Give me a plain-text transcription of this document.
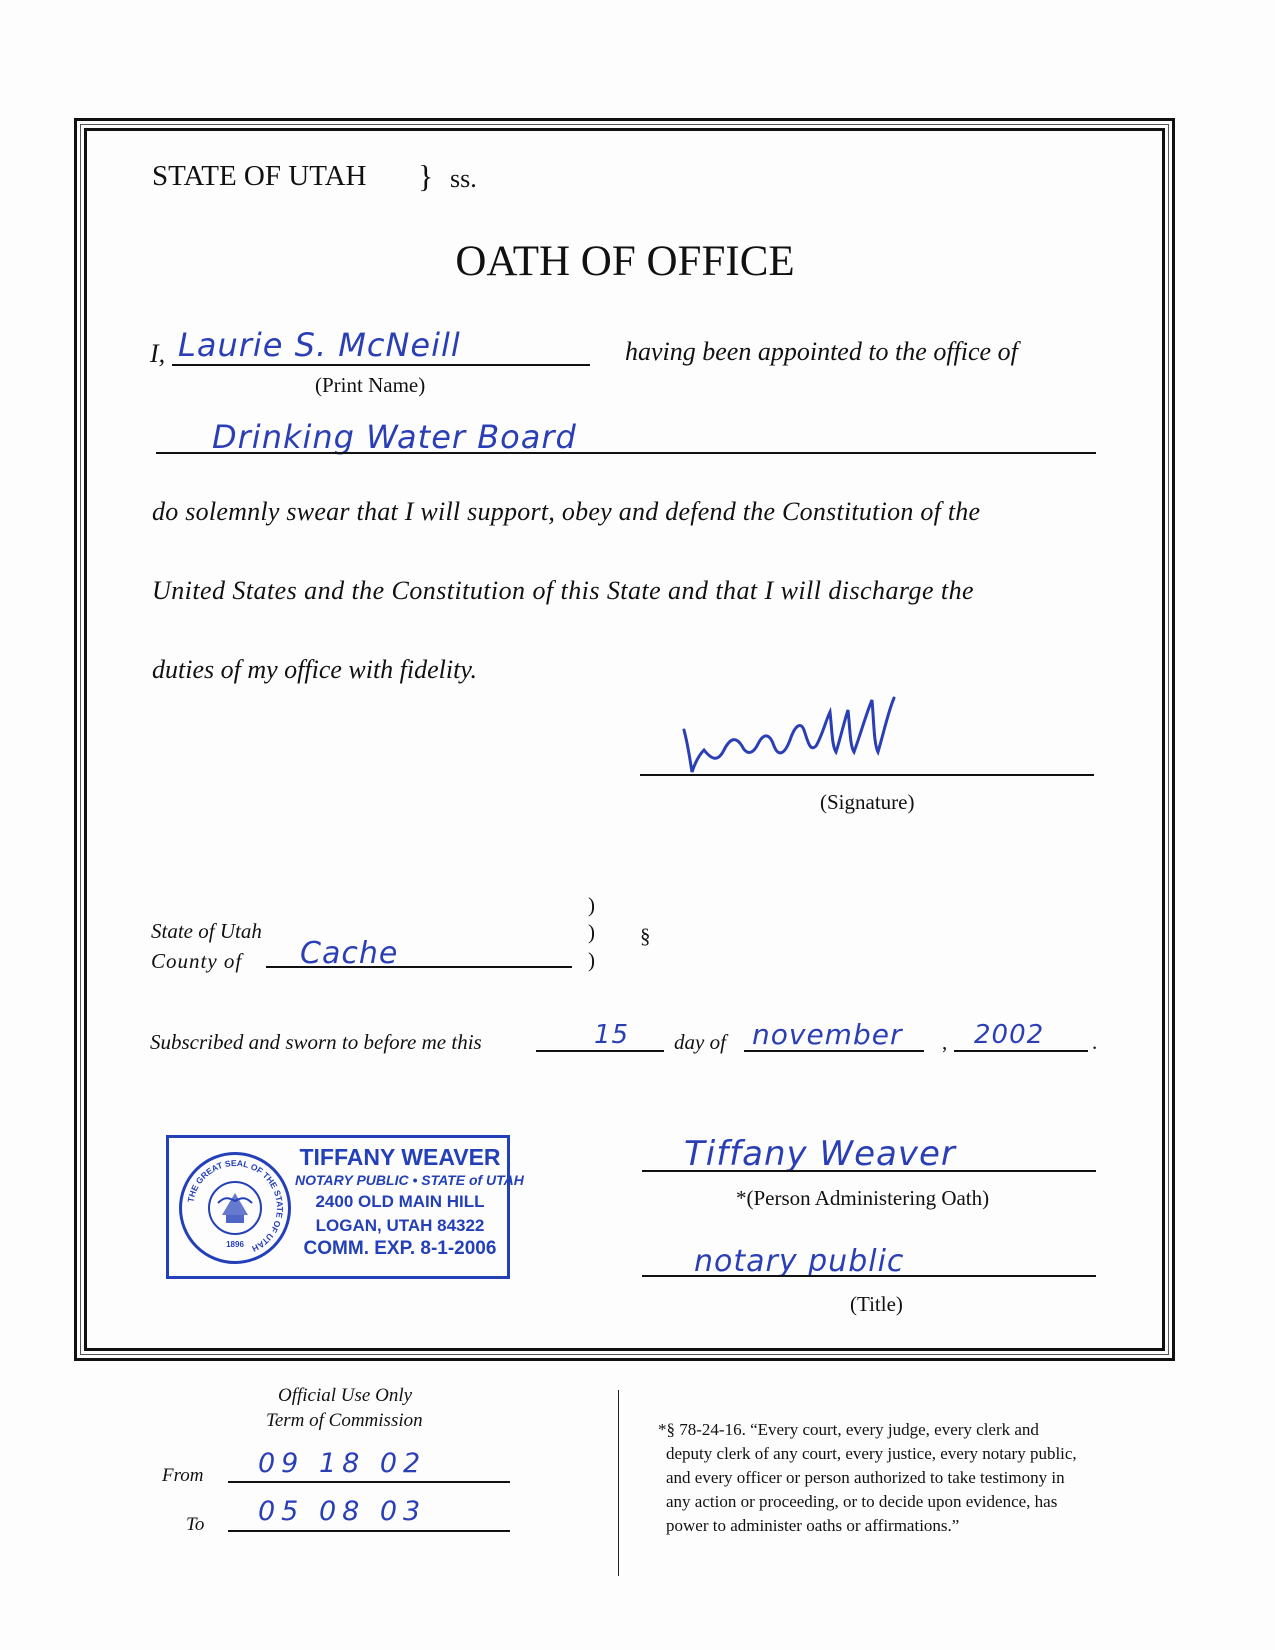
STATE OF UTAH } ss.
OATH OF OFFICE
I, Laurie S. McNeill	having been appointed to the office of
(Print Name)
Drinking Water Board
do solemnly swear that I will support, obey and defend the Constitution of the
United States and the Constitution of this State and that I will discharge the
duties of my office with fidelity.
(Signature)
)
)
)
§
State of Utah
County of Cache
Subscribed and sworn to before me this	15 day of november , 2002 .
THE GREAT SEAL OF THE STATE OF UTAH
1896
TIFFANY WEAVER
NOTARY PUBLIC • STATE of UTAH
2400 OLD MAIN HILL
LOGAN, UTAH 84322
COMM. EXP. 8-1-2006
Tiffany Weaver
*(Person Administering Oath)
notary public
(Title)
Official Use Only
Term of Commission
From 09 18 02
To 05 08 03
*§ 78-24-16. “Every court, every judge, every clerk and
deputy clerk of any court, every justice, every notary public,
and every officer or person authorized to take testimony in
any action or proceeding, or to decide upon evidence, has
power to administer oaths or affirmations.”
